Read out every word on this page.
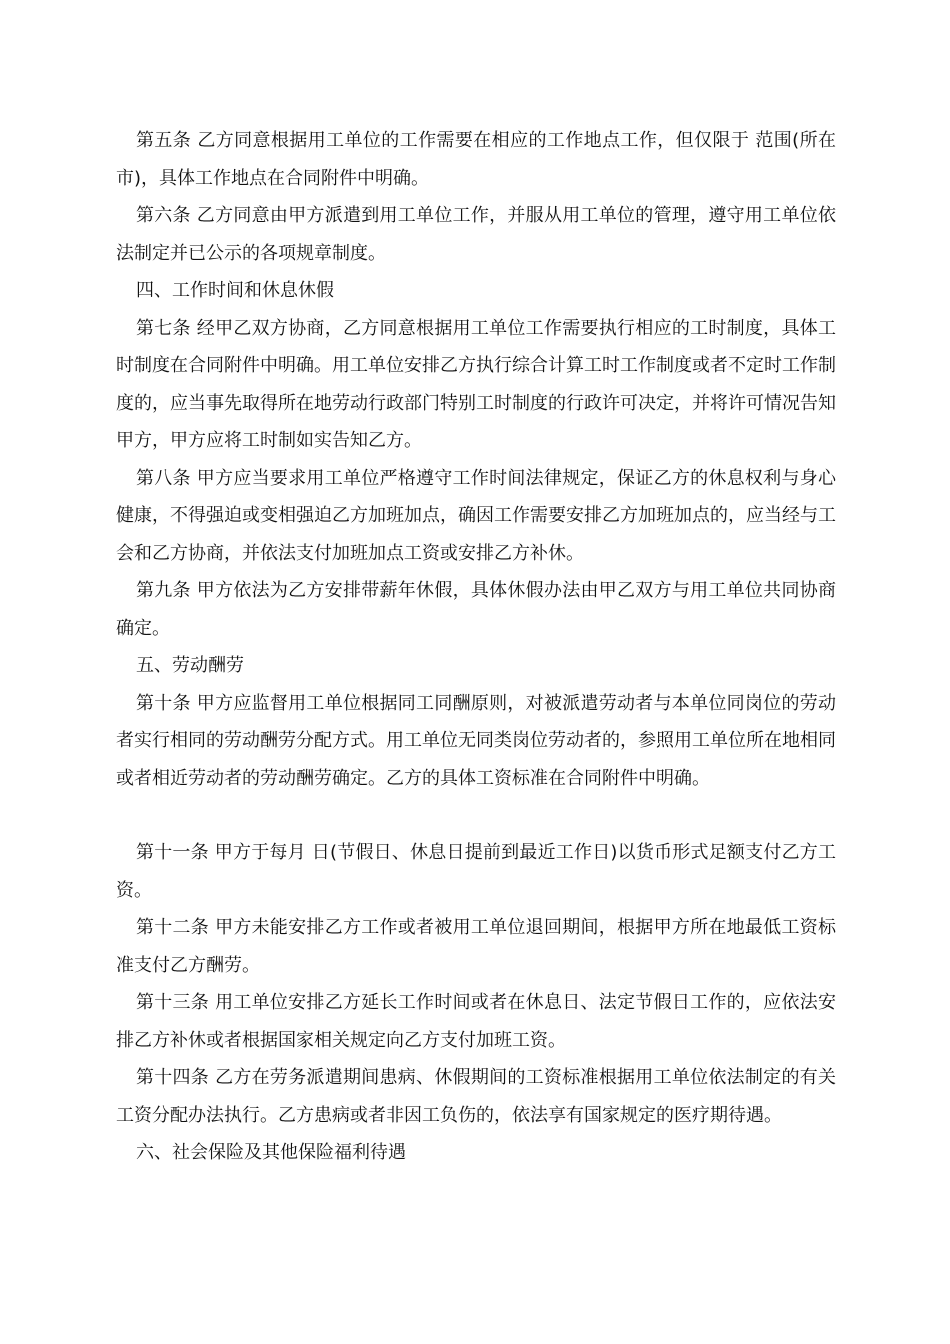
第五条 乙方同意根据用工单位的工作需要在相应的工作地点工作，但仅限于 范围(所在市)，具体工作地点在合同附件中明确。

第六条 乙方同意由甲方派遣到用工单位工作，并服从用工单位的管理，遵守用工单位依法制定并已公示的各项规章制度。

四、工作时间和休息休假

第七条 经甲乙双方协商，乙方同意根据用工单位工作需要执行相应的工时制度，具体工时制度在合同附件中明确。用工单位安排乙方执行综合计算工时工作制度或者不定时工作制度的，应当事先取得所在地劳动行政部门特别工时制度的行政许可决定，并将许可情况告知甲方，甲方应将工时制如实告知乙方。

第八条 甲方应当要求用工单位严格遵守工作时间法律规定，保证乙方的休息权利与身心健康，不得强迫或变相强迫乙方加班加点，确因工作需要安排乙方加班加点的，应当经与工会和乙方协商，并依法支付加班加点工资或安排乙方补休。

第九条 甲方依法为乙方安排带薪年休假，具体休假办法由甲乙双方与用工单位共同协商确定。

五、劳动酬劳

第十条 甲方应监督用工单位根据同工同酬原则，对被派遣劳动者与本单位同岗位的劳动者实行相同的劳动酬劳分配方式。用工单位无同类岗位劳动者的，参照用工单位所在地相同或者相近劳动者的劳动酬劳确定。乙方的具体工资标准在合同附件中明确。

第十一条 甲方于每月 日(节假日、休息日提前到最近工作日)以货币形式足额支付乙方工资。

第十二条 甲方未能安排乙方工作或者被用工单位退回期间，根据甲方所在地最低工资标准支付乙方酬劳。

第十三条 用工单位安排乙方延长工作时间或者在休息日、法定节假日工作的，应依法安排乙方补休或者根据国家相关规定向乙方支付加班工资。

第十四条 乙方在劳务派遣期间患病、休假期间的工资标准根据用工单位依法制定的有关工资分配办法执行。乙方患病或者非因工负伤的，依法享有国家规定的医疗期待遇。

六、社会保险及其他保险福利待遇
